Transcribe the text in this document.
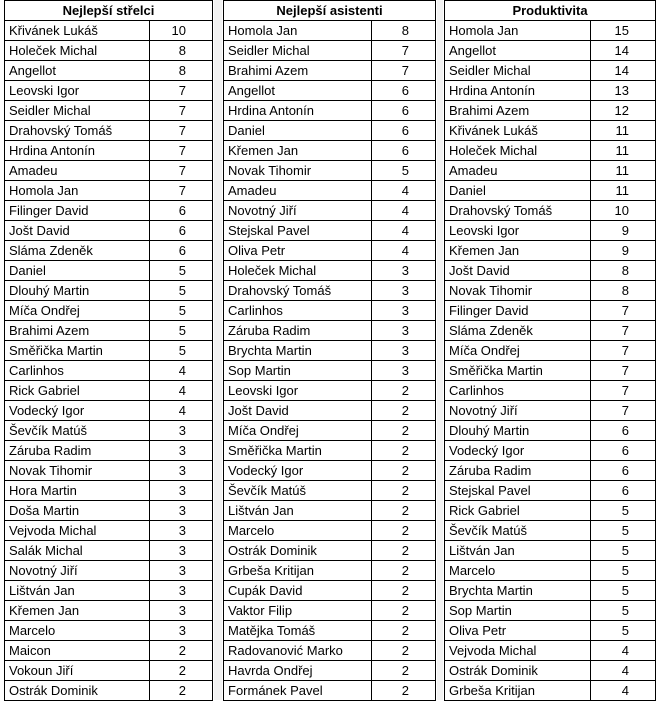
Nejlepší střelci	
Křivánek Lukáš	10
Holeček Michal	8
Angellot	8
Leovski Igor	7
Seidler Michal	7
Drahovský Tomáš	7
Hrdina Antonín	7
Amadeu	7
Homola Jan	7
Filinger David	6
Jošt David	6
Sláma Zdeněk	6
Daniel	5
Dlouhý Martin	5
Míča Ondřej	5
Brahimi Azem	5
Směřička Martin	5
Carlinhos	4
Rick Gabriel	4
Vodecký Igor	4
Ševčík Matúš	3
Záruba Radim	3
Novak Tihomir	3
Hora Martin	3
Doša Martin	3
Vejvoda Michal	3
Salák Michal	3
Novotný Jiří	3
Lištván Jan	3
Křemen Jan	3
Marcelo	3
Maicon	2
Vokoun Jiří	2
Ostrák Dominik	2
Nejlepší asistenti	
Homola Jan	8
Seidler Michal	7
Brahimi Azem	7
Angellot	6
Hrdina Antonín	6
Daniel	6
Křemen Jan	6
Novak Tihomir	5
Amadeu	4
Novotný Jiří	4
Stejskal Pavel	4
Oliva Petr	4
Holeček Michal	3
Drahovský Tomáš	3
Carlinhos	3
Záruba Radim	3
Brychta Martin	3
Sop Martin	3
Leovski Igor	2
Jošt David	2
Míča Ondřej	2
Směřička Martin	2
Vodecký Igor	2
Ševčík Matúš	2
Lištván Jan	2
Marcelo	2
Ostrák Dominik	2
Grbeša Kritijan	2
Cupák David	2
Vaktor Filip	2
Matějka Tomáš	2
Radovanović Marko	2
Havrda Ondřej	2
Formánek Pavel	2
Produktivita	
Homola Jan	15
Angellot	14
Seidler Michal	14
Hrdina Antonín	13
Brahimi Azem	12
Křivánek Lukáš	11
Holeček Michal	11
Amadeu	11
Daniel	11
Drahovský Tomáš	10
Leovski Igor	9
Křemen Jan	9
Jošt David	8
Novak Tihomir	8
Filinger David	7
Sláma Zdeněk	7
Míča Ondřej	7
Směřička Martin	7
Carlinhos	7
Novotný Jiří	7
Dlouhý Martin	6
Vodecký Igor	6
Záruba Radim	6
Stejskal Pavel	6
Rick Gabriel	5
Ševčík Matúš	5
Lištván Jan	5
Marcelo	5
Brychta Martin	5
Sop Martin	5
Oliva Petr	5
Vejvoda Michal	4
Ostrák Dominik	4
Grbeša Kritijan	4
